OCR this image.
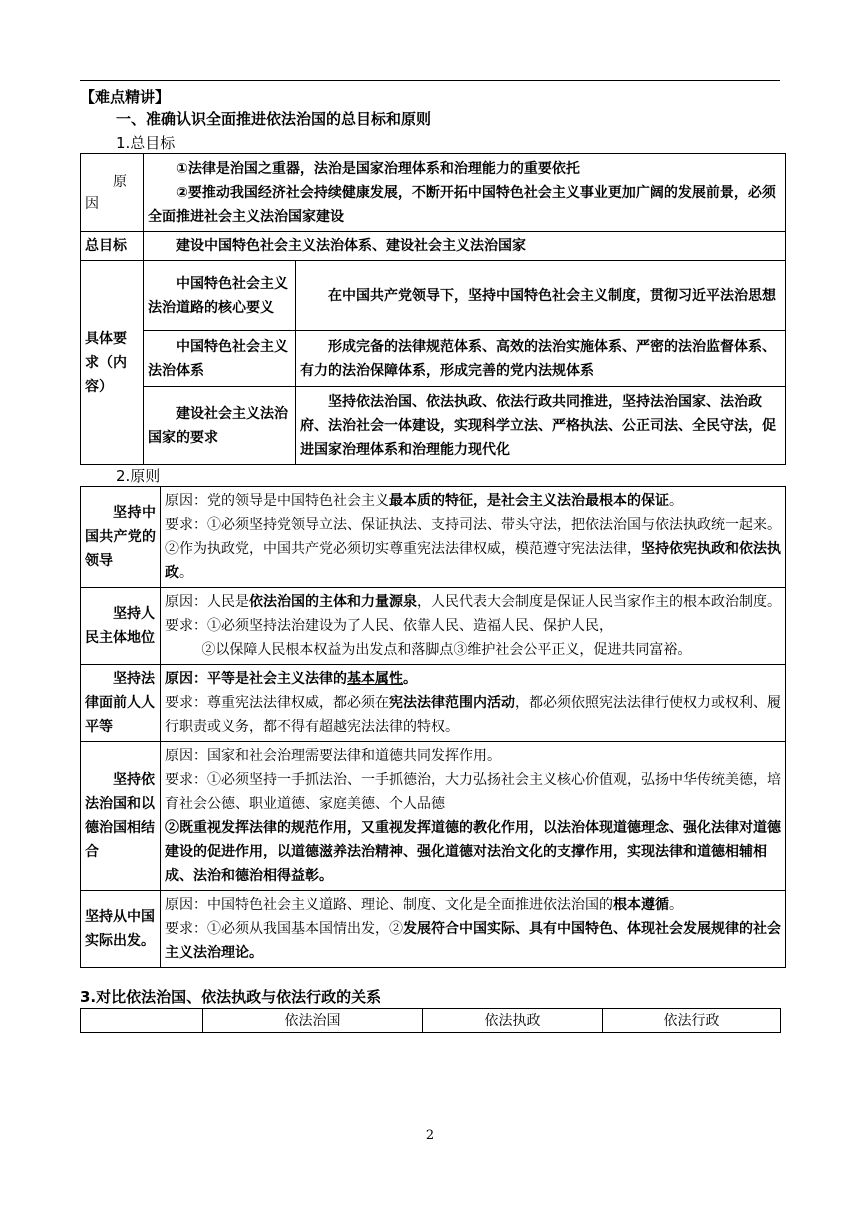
【难点精讲】
一、准确认识全面推进依法治国的总目标和原则
1.总目标

原　因	①法律是治国之重器，法治是国家治理体系和治理能力的重要依托

②要推动我国经济社会持续健康发展，不断开拓中国特色社会主义事业更加广阔的发展前景，必须全面推进社会主义法治国家建设	

总目标	建设中国特色社会主义法治体系、建设社会主义法治国家	

具体要求（内容）	中国特色社会主义法治道路的核心要义	在中国共产党领导下，坚持中国特色社会主义制度，贯彻习近平法治思想

	中国特色社会主义法治体系	形成完备的法律规范体系、高效的法治实施体系、严密的法治监督体系、有力的法治保障体系，形成完善的党内法规体系

	建设社会主义法治国家的要求	坚持依法治国、依法执政、依法行政共同推进，坚持法治国家、法治政府、法治社会一体建设，实现科学立法、严格执法、公正司法、全民守法，促进国家治理体系和治理能力现代化

2.原则

坚持中国共产党的领导	原因：党的领导是中国特色社会主义最本质的特征，是社会主义法治最根本的保证。

要求：①必须坚持党领导立法、保证执法、支持司法、带头守法，把依法治国与依法执政统一起来。②作为执政党，中国共产党必须切实尊重宪法法律权威，模范遵守宪法法律，坚持依宪执政和依法执政。

坚持人民主体地位	原因：人民是依法治国的主体和力量源泉，人民代表大会制度是保证人民当家作主的根本政治制度。

要求：①必须坚持法治建设为了人民、依靠人民、造福人民、保护人民，

②以保障人民根本权益为出发点和落脚点③维护社会公平正义，促进共同富裕。

坚持法律面前人人平等	原因：平等是社会主义法律的基本属性。

要求：尊重宪法法律权威，都必须在宪法法律范围内活动，都必须依照宪法法律行使权力或权利、履行职责或义务，都不得有超越宪法法律的特权。

坚持依法治国和以德治国相结合	原因：国家和社会治理需要法律和道德共同发挥作用。

要求：①必须坚持一手抓法治、一手抓德治，大力弘扬社会主义核心价值观，弘扬中华传统美德，培育社会公德、职业道德、家庭美德、个人品德

②既重视发挥法律的规范作用，又重视发挥道德的教化作用，以法治体现道德理念、强化法律对道德建设的促进作用，以道德滋养法治精神、强化道德对法治文化的支撑作用，实现法律和道德相辅相成、法治和德治相得益彰。

坚持从中国实际出发。	原因：中国特色社会主义道路、理论、制度、文化是全面推进依法治国的根本遵循。

要求：①必须从我国基本国情出发，②发展符合中国实际、具有中国特色、体现社会发展规律的社会主义法治理论。

3.对比依法治国、依法执政与依法行政的关系
	依法治国	依法执政	依法行政
2
